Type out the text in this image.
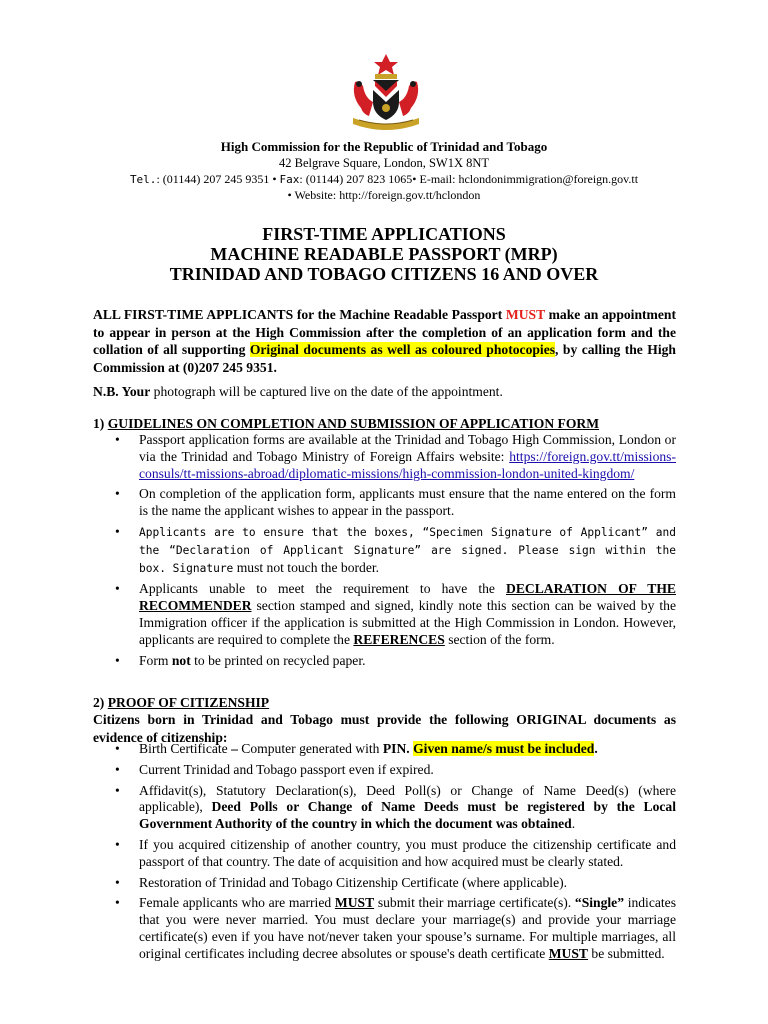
High Commission for the Republic of Trinidad and Tobago
42 Belgrave Square, London, SW1X 8NT
Tel.: (01144) 207 245 9351 • Fax: (01144) 207 823 1065• E-mail: hclondonimmigration@foreign.gov.tt
• Website: http://foreign.gov.tt/hclondon
FIRST-TIME APPLICATIONS
MACHINE READABLE PASSPORT (MRP)
TRINIDAD AND TOBAGO CITIZENS 16 AND OVER
ALL FIRST-TIME APPLICANTS for the Machine Readable Passport MUST make an appointment to appear in person at the High Commission after the completion of an application form and the collation of all supporting Original documents as well as coloured photocopies, by calling the High Commission at (0)207 245 9351.
N.B. Your photograph will be captured live on the date of the appointment.
1) GUIDELINES ON COMPLETION AND SUBMISSION OF APPLICATION FORM
• Passport application forms are available at the Trinidad and Tobago High Commission, London or via the Trinidad and Tobago Ministry of Foreign Affairs website: https://foreign.gov.tt/missions-consuls/tt-missions-abroad/diplomatic-missions/high-commission-london-united-kingdom/
• On completion of the application form, applicants must ensure that the name entered on the form is the name the applicant wishes to appear in the passport.
• Applicants are to ensure that the boxes, “Specimen Signature of Applicant” and the “Declaration of Applicant Signature” are signed. Please sign within the box. Signature must not touch the border.
• Applicants unable to meet the requirement to have the DECLARATION OF THE RECOMMENDER section stamped and signed, kindly note this section can be waived by the Immigration officer if the application is submitted at the High Commission in London. However, applicants are required to complete the REFERENCES section of the form.
• Form not to be printed on recycled paper.
2) PROOF OF CITIZENSHIP
Citizens born in Trinidad and Tobago must provide the following ORIGINAL documents as evidence of citizenship:
• Birth Certificate – Computer generated with PIN. Given name/s must be included.
• Current Trinidad and Tobago passport even if expired.
• Affidavit(s), Statutory Declaration(s), Deed Poll(s) or Change of Name Deed(s) (where applicable), Deed Polls or Change of Name Deeds must be registered by the Local Government Authority of the country in which the document was obtained.
• If you acquired citizenship of another country, you must produce the citizenship certificate and passport of that country. The date of acquisition and how acquired must be clearly stated.
• Restoration of Trinidad and Tobago Citizenship Certificate (where applicable).
• Female applicants who are married MUST submit their marriage certificate(s). “Single” indicates that you were never married. You must declare your marriage(s) and provide your marriage certificate(s) even if you have not/never taken your spouse’s surname. For multiple marriages, all original certificates including decree absolutes or spouse's death certificate MUST be submitted.
